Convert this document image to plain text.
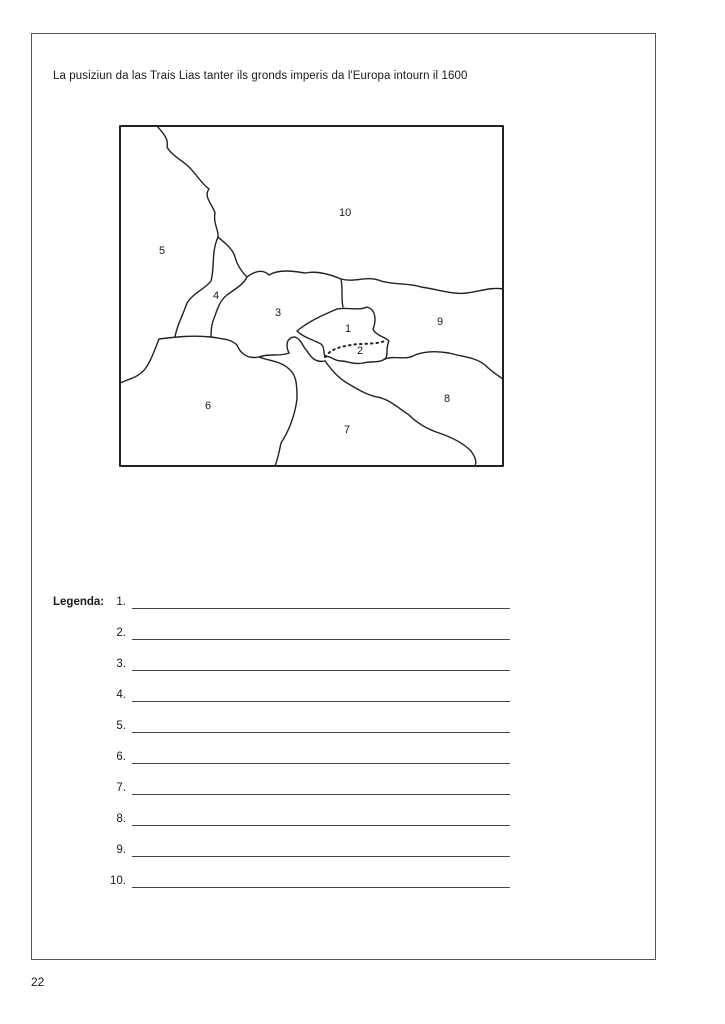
La pusiziun da las Trais Lias tanter ils gronds imperis da l'Europa intourn il 1600
1
2
3
4
5
6
7
8
9
10
Legenda:	1.
2.
3.
4.
5.
6.
7.
8.
9.
10.
22
